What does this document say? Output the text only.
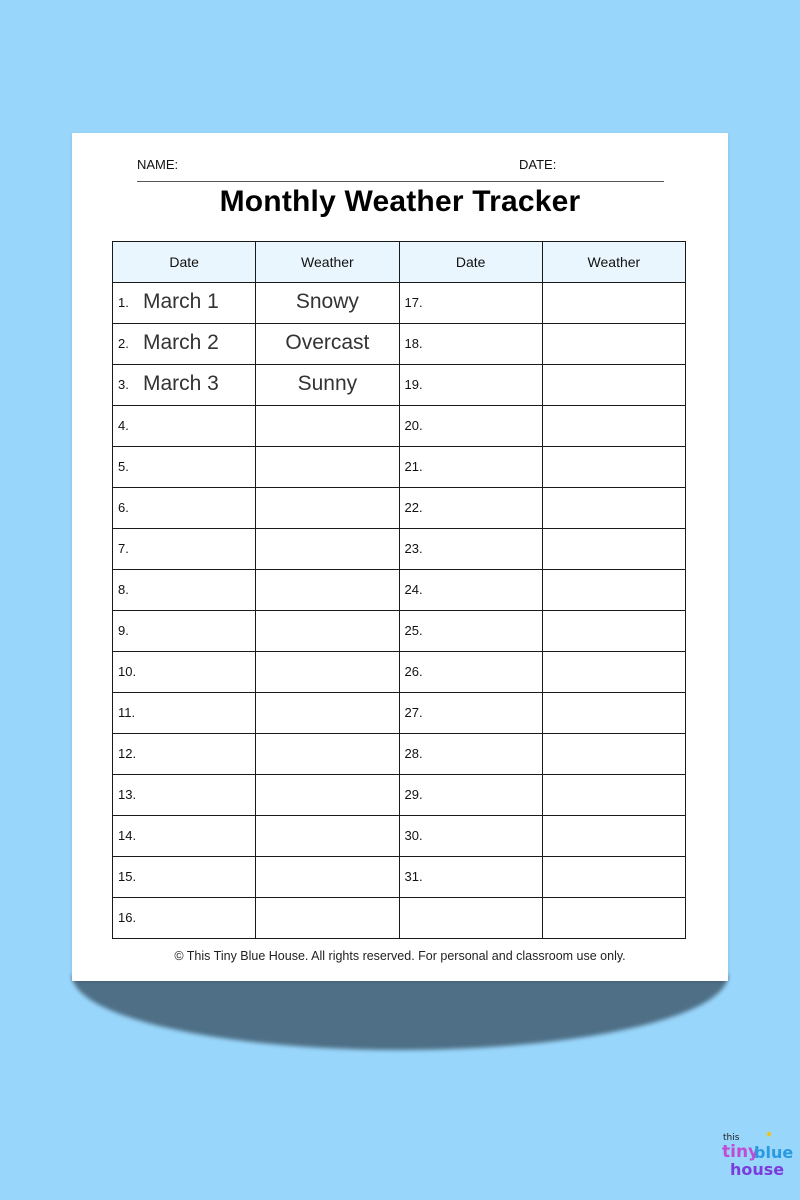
NAME:	DATE:
Monthly Weather Tracker
Date	Weather	Date	Weather

1. March 1	Snowy	17.	

2. March 2	Overcast	18.	

3. March 3	Sunny	19.	

4.		20.	

5.		21.	

6.		22.	

7.		23.	

8.		24.	

9.		25.	

10.		26.	

11.		27.	

12.		28.	

13.		29.	

14.		30.	

15.		31.	

16.			

© This Tiny Blue House. All rights reserved. For personal and classroom use only.
this	★
tiny
blue
house
